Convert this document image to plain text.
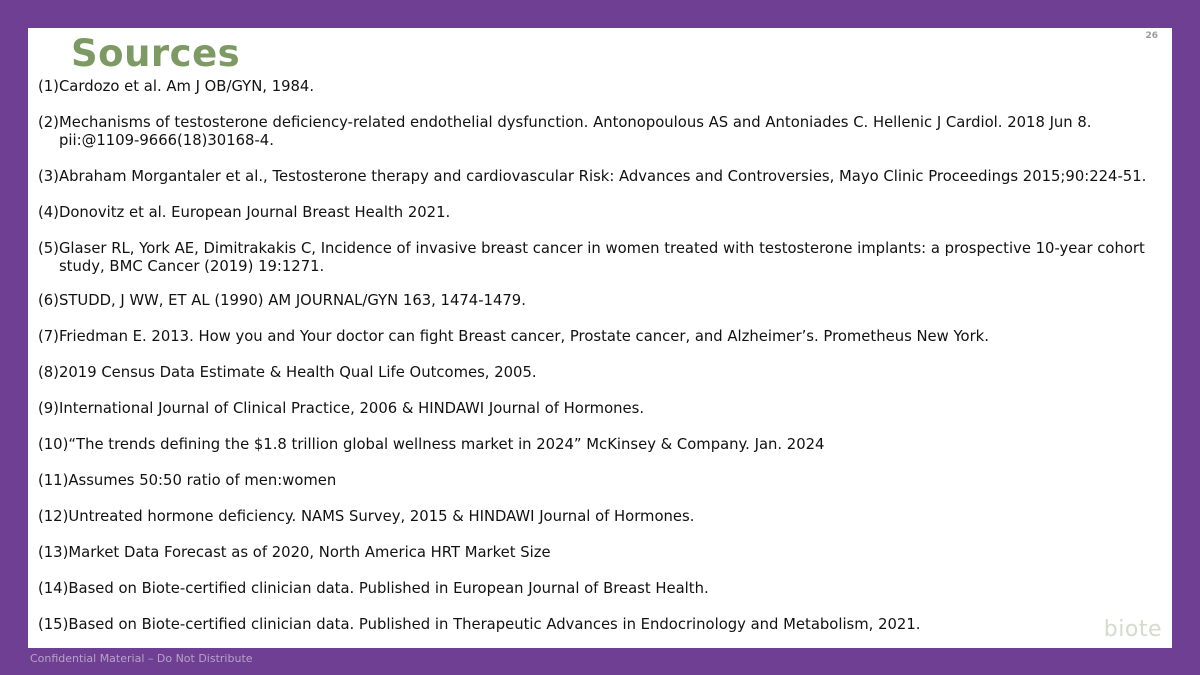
Sources	26
(1) Cardozo et al. Am J OB/GYN, 1984.
(2) Mechanisms of testosterone deficiency-related endothelial dysfunction. Antonopoulous AS and Antoniades C. Hellenic J Cardiol. 2018 Jun 8. pii:@1109-9666(18)30168-4.
(3) Abraham Morgantaler et al., Testosterone therapy and cardiovascular Risk: Advances and Controversies, Mayo Clinic Proceedings 2015;90:224-51.
(4) Donovitz et al. European Journal Breast Health 2021.
(5) Glaser RL, York AE, Dimitrakakis C, Incidence of invasive breast cancer in women treated with testosterone implants: a prospective 10-year cohort study, BMC Cancer (2019) 19:1271.
(6) STUDD, J WW, ET AL (1990) AM JOURNAL/GYN 163, 1474-1479.
(7) Friedman E. 2013. How you and Your doctor can fight Breast cancer, Prostate cancer, and Alzheimer’s. Prometheus New York.
(8) 2019 Census Data Estimate & Health Qual Life Outcomes, 2005.
(9) International Journal of Clinical Practice, 2006 & HINDAWI Journal of Hormones.
(10) “The trends defining the $1.8 trillion global wellness market in 2024” McKinsey & Company. Jan. 2024
(11) Assumes 50:50 ratio of men:women
(12) Untreated hormone deficiency. NAMS Survey, 2015 & HINDAWI Journal of Hormones.
(13) Market Data Forecast as of 2020, North America HRT Market Size
(14) Based on Biote-certified clinician data. Published in European Journal of Breast Health.
(15) Based on Biote-certified clinician data. Published in Therapeutic Advances in Endocrinology and Metabolism, 2021.	biote
Confidential Material – Do Not Distribute
